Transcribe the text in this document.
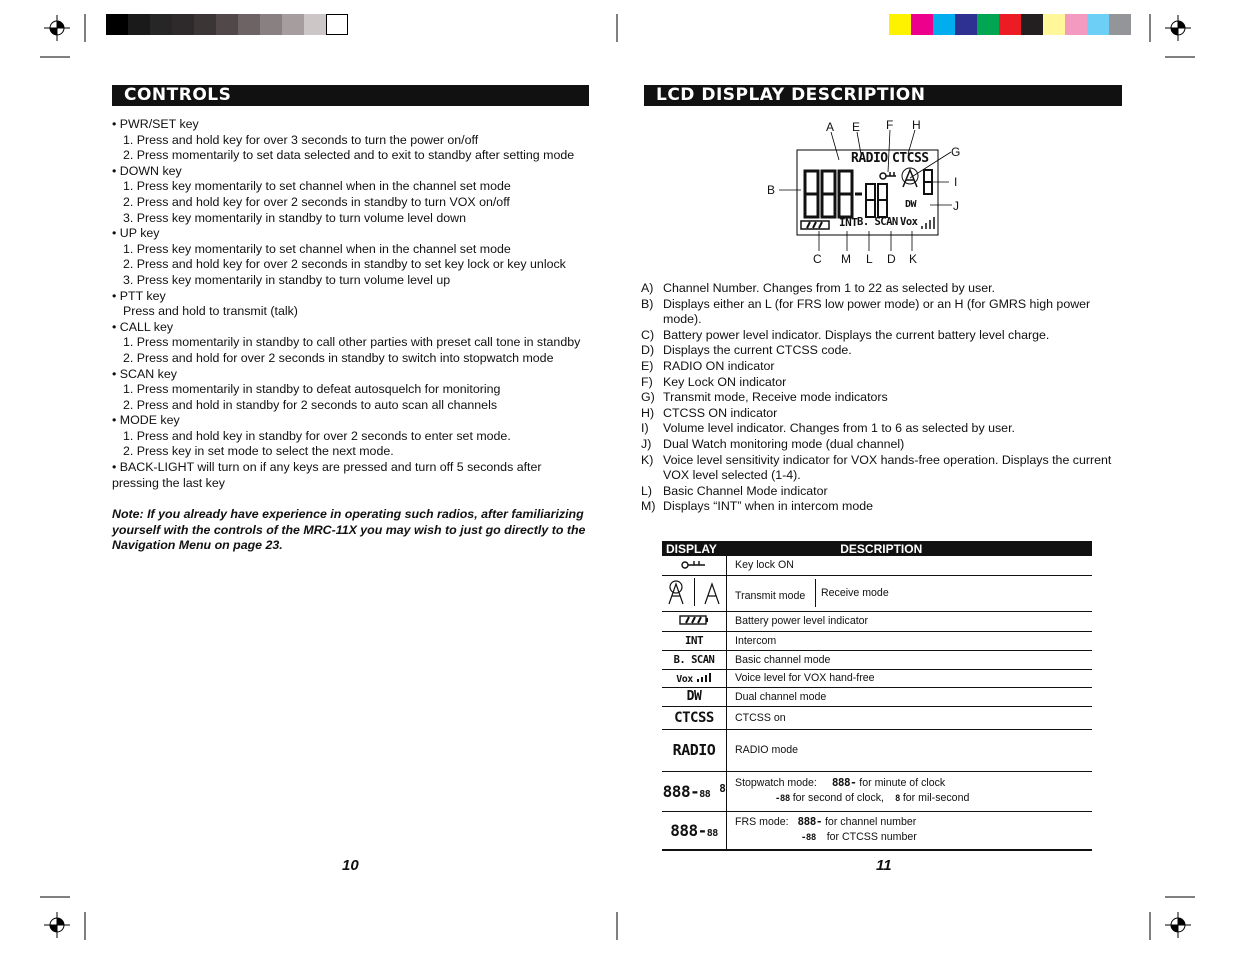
CONTROLS
• PWR/SET key
1. Press and hold key for over 3 seconds to turn the power on/off
2. Press momentarily to set data selected and to exit to standby after setting mode
• DOWN key
1. Press key momentarily to set channel when in the channel set mode
2. Press and hold key for over 2 seconds in standby to turn VOX on/off
3. Press key momentarily in standby to turn volume level down
• UP key
1. Press key momentarily to set channel when in the channel set mode
2. Press and hold key for over 2 seconds in standby to set key lock or key unlock
3. Press key momentarily in standby to turn volume level up
• PTT key
Press and hold to transmit (talk)
• CALL key
1. Press momentarily in standby to call other parties with preset call tone in standby
2. Press and hold for over 2 seconds in standby to switch into stopwatch mode
• SCAN key
1. Press momentarily in standby to defeat autosquelch for monitoring
2. Press and hold in standby for 2 seconds to auto scan all channels
• MODE key
1. Press and hold key in standby for over 2 seconds to enter set mode.
2. Press key in set mode to select the next mode.
• BACK-LIGHT will turn on if any keys are pressed and turn off 5 seconds after
pressing the last key
Note: If you already have experience in operating such radios, after familiarizing yourself with the controls of the MRC-11X you may wish to just go directly to the Navigation Menu on page 23.
10
LCD DISPLAY DESCRIPTION
RADIO CTCSS
DW
INT B. SCAN Vox
A E F H
G
I
J
B
C M L D K
A) Channel Number. Changes from 1 to 22 as selected by user.
B) Displays either an L (for FRS low power mode) or an H (for GMRS high power mode).
C) Battery power level indicator. Displays the current battery level charge.
D) Displays the current CTCSS code.
E) RADIO ON indicator
F) Key Lock ON indicator
G) Transmit mode, Receive mode indicators
H) CTCSS ON indicator
I)	Volume level indicator. Changes from 1 to 6 as selected by user.
J) Dual Watch monitoring mode (dual channel)
K) Voice level sensitivity indicator for VOX hands-free operation. Displays the current VOX level selected (1-4).
L) Basic Channel Mode indicator
M) Displays “INT” when in intercom mode
DISPLAY	DESCRIPTION
	Key lock ON

Transmit mode Receive mode

	Battery power level indicator
INT	Intercom
B. SCAN	Basic channel mode
Vox	Voice level for VOX hand-free
DW	Dual channel mode
CTCSS	CTCSS on
RADIO	RADIO mode
888-88 8	Stopwatch mode: 888- for minute of clock
-88 for second of clock, 8 for mil-second

888-88	FRS mode: 888- for channel number
-88 for CTCSS number
11
